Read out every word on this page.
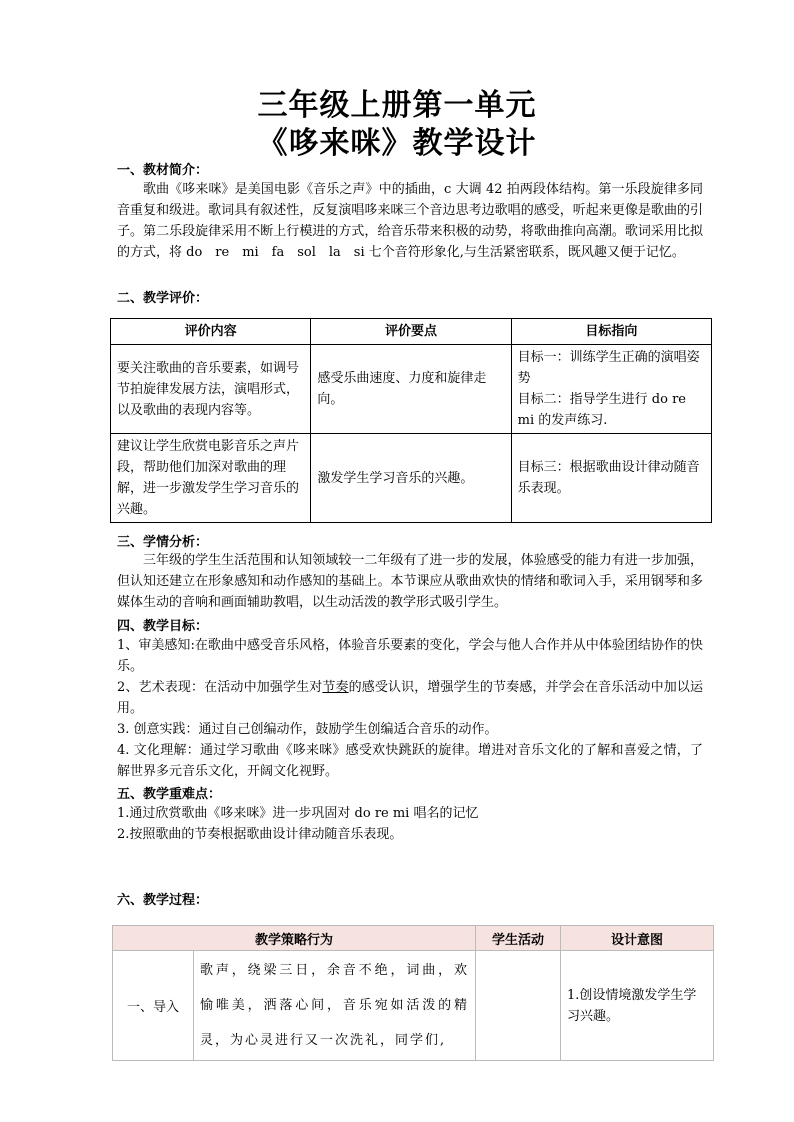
三年级上册第一单元
《哆来咪》教学设计
一、教材简介：
歌曲《哆来咪》是美国电影《音乐之声》中的插曲，c 大调 42 拍两段体结构。第一乐段旋律多同音重复和级进。歌词具有叙述性，反复演唱哆来咪三个音边思考边歌唱的感受，听起来更像是歌曲的引子。第二乐段旋律采用不断上行模进的方式，给音乐带来积极的动势，将歌曲推向高潮。歌词采用比拟的方式，将 do　re　mi　fa　sol　la　si 七个音符形象化,与生活紧密联系，既风趣又便于记忆。
二、教学评价：
评价内容	评价要点	目标指向
要关注歌曲的音乐要素，如调号节拍旋律发展方法，演唱形式，以及歌曲的表现内容等。	感受乐曲速度、力度和旋律走向。	目标一：训练学生正确的演唱姿势
目标二：指导学生进行 do re mi 的发声练习.
建议让学生欣赏电影音乐之声片段，帮助他们加深对歌曲的理解，进一步激发学生学习音乐的兴趣。	激发学生学习音乐的兴趣。	目标三：根据歌曲设计律动随音乐表现。
三、学情分析：
三年级的学生生活范围和认知领域较一二年级有了进一步的发展，体验感受的能力有进一步加强，但认知还建立在形象感知和动作感知的基础上。本节课应从歌曲欢快的情绪和歌词入手，采用钢琴和多媒体生动的音响和画面辅助教唱，以生动活泼的教学形式吸引学生。
四、教学目标：
1、审美感知:在歌曲中感受音乐风格，体验音乐要素的变化，学会与他人合作并从中体验团结协作的快乐。
2、艺术表现：在活动中加强学生对节奏的感受认识，增强学生的节奏感，并学会在音乐活动中加以运用。
3. 创意实践：通过自己创编动作，鼓励学生创编适合音乐的动作。
4. 文化理解：通过学习歌曲《哆来咪》感受欢快跳跃的旋律。增进对音乐文化的了解和喜爱之情，了解世界多元音乐文化，开阔文化视野。
五、教学重难点：
1.通过欣赏歌曲《哆来咪》进一步巩固对 do re mi 唱名的记忆
2.按照歌曲的节奏根据歌曲设计律动随音乐表现。
六、教学过程：
教学策略行为		学生活动	设计意图
一、导入	歌声，绕梁三日，余音不绝，词曲，欢愉唯美，洒落心间，音乐宛如活泼的精灵，为心灵进行又一次洗礼，同学们,		1.创设情境激发学生学习兴趣。
